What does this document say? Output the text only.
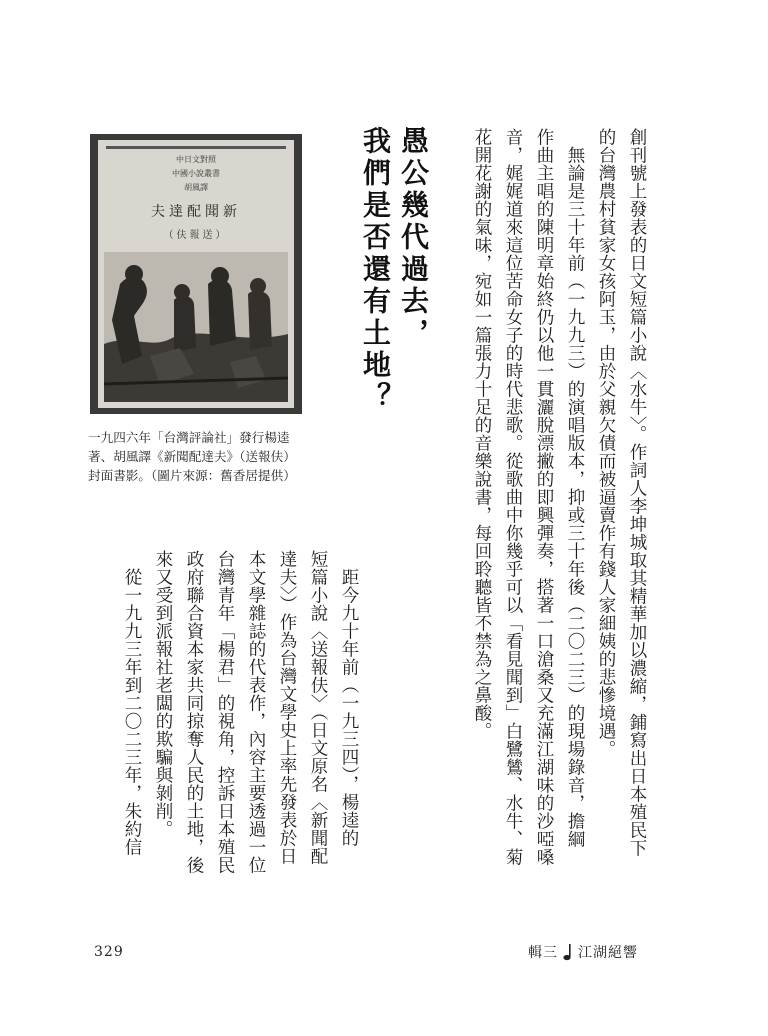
創刊號上發表的日文短篇小說〈水牛〉。作詞人李坤城取其精華加以濃縮，鋪寫出日本殖民下

的台灣農村貧家女孩阿玉，由於父親欠債而被逼賣作有錢人家細姨的悲慘境遇。

　無論是三十年前（一九九三）的演唱版本，抑或三十年後（二〇二三）的現場錄音，擔綱

作曲主唱的陳明章始終仍以他一貫灑脫漂撇的即興彈奏，搭著一口滄桑又充滿江湖味的沙啞嗓

音，娓娓道來這位苦命女子的時代悲歌。從歌曲中你幾乎可以「看見聞到」白鷺鷥、水牛、菊

花開花謝的氣味，宛如一篇張力十足的音樂說書，每回聆聽皆不禁為之鼻酸。

愚公幾代過去，

我們是否還有土地？

中日文對照
中國小說叢書
胡風譯
夫達配聞新
（伕報送）

一九四六年「台灣評論社」發行楊逵

著、胡風譯《新聞配達夫》（送報伕）

封面書影。（圖片來源：舊香居提供）

　距今九十年前（一九三四），楊逵的

短篇小說〈送報伕〉（日文原名〈新聞配

達夫〉）作為台灣文學史上率先發表於日

本文學雜誌的代表作，內容主要透過一位

台灣青年「楊君」的視角，控訴日本殖民

政府聯合資本家共同掠奪人民的土地，後

來又受到派報社老闆的欺騙與剝削。

　從一九九三年到二〇二三年，朱約信

329	輯三 江湖絕響
